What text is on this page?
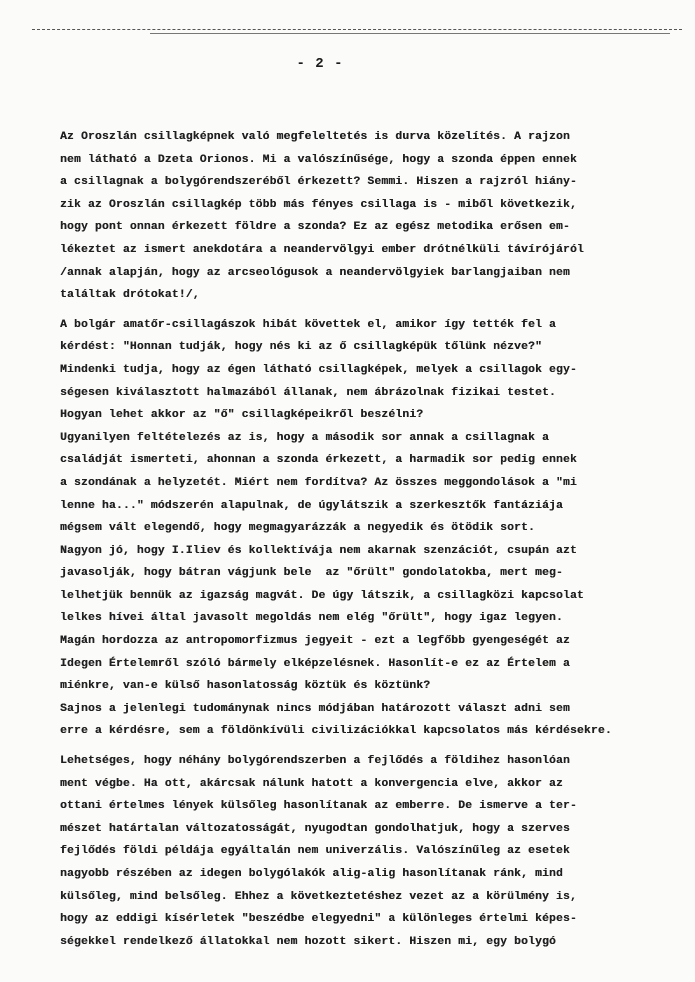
- 2 -
Az Oroszlán csillagképnek való megfeleltetés is durva közelítés. A rajzon
nem látható a Dzeta Orionos. Mi a valószínűsége, hogy a szonda éppen ennek
a csillagnak a bolygórendszeréből érkezett? Semmi. Hiszen a rajzról hiány-
zik az Oroszlán csillagkép több más fényes csillaga is - miből következik,
hogy pont onnan érkezett földre a szonda? Ez az egész metodika erősen em-
lékeztet az ismert anekdotára a neandervölgyi ember drótnélküli távírójáról
/annak alapján, hogy az arcseológusok a neandervölgyiek barlangjaiban nem
találtak drótokat!/,
A bolgár amatőr-csillagászok hibát követtek el, amikor így tették fel a
kérdést: "Honnan tudják, hogy nés ki az ő csillagképük tőlünk nézve?"
Mindenki tudja, hogy az égen látható csillagképek, melyek a csillagok egy-
ségesen kiválasztott halmazából állanak, nem ábrázolnak fizikai testet.
Hogyan lehet akkor az "ő" csillagképeikről beszélni?
Ugyanilyen feltételezés az is, hogy a második sor annak a csillagnak a
családját ismerteti, ahonnan a szonda érkezett, a harmadik sor pedig ennek
a szondának a helyzetét. Miért nem fordítva? Az összes meggondolások a "mi
lenne ha..." módszerén alapulnak, de úgylátszik a szerkesztők fantáziája
mégsem vált elegendő, hogy megmagyarázzák a negyedik és ötödik sort.
Nagyon jó, hogy I.Iliev és kollektívája nem akarnak szenzációt, csupán azt
javasolják, hogy bátran vágjunk bele  az "őrült" gondolatokba, mert meg-
lelhetjük bennük az igazság magvát. De úgy látszik, a csillagközi kapcsolat
lelkes hívei által javasolt megoldás nem elég "őrült", hogy igaz legyen.
Magán hordozza az antropomorfizmus jegyeit - ezt a legfőbb gyengeségét az
Idegen Értelemről szóló bármely elképzelésnek. Hasonlít-e ez az Értelem a
miénkre, van-e külső hasonlatosság köztük és köztünk?
Sajnos a jelenlegi tudománynak nincs módjában határozott választ adni sem
erre a kérdésre, sem a földönkívüli civilizációkkal kapcsolatos más kérdésekre.
Lehetséges, hogy néhány bolygórendszerben a fejlődés a földihez hasonlóan
ment végbe. Ha ott, akárcsak nálunk hatott a konvergencia elve, akkor az
ottani értelmes lények külsőleg hasonlítanak az emberre. De ismerve a ter-
mészet határtalan változatosságát, nyugodtan gondolhatjuk, hogy a szerves
fejlődés földi példája egyáltalán nem univerzális. Valószínűleg az esetek
nagyobb részében az idegen bolygólakók alig-alig hasonlítanak ránk, mind
külsőleg, mind belsőleg. Ehhez a következtetéshez vezet az a körülmény is,
hogy az eddigi kísérletek "beszédbe elegyedni" a különleges értelmi képes-
ségekkel rendelkező állatokkal nem hozott sikert. Hiszen mi, egy bolygó
